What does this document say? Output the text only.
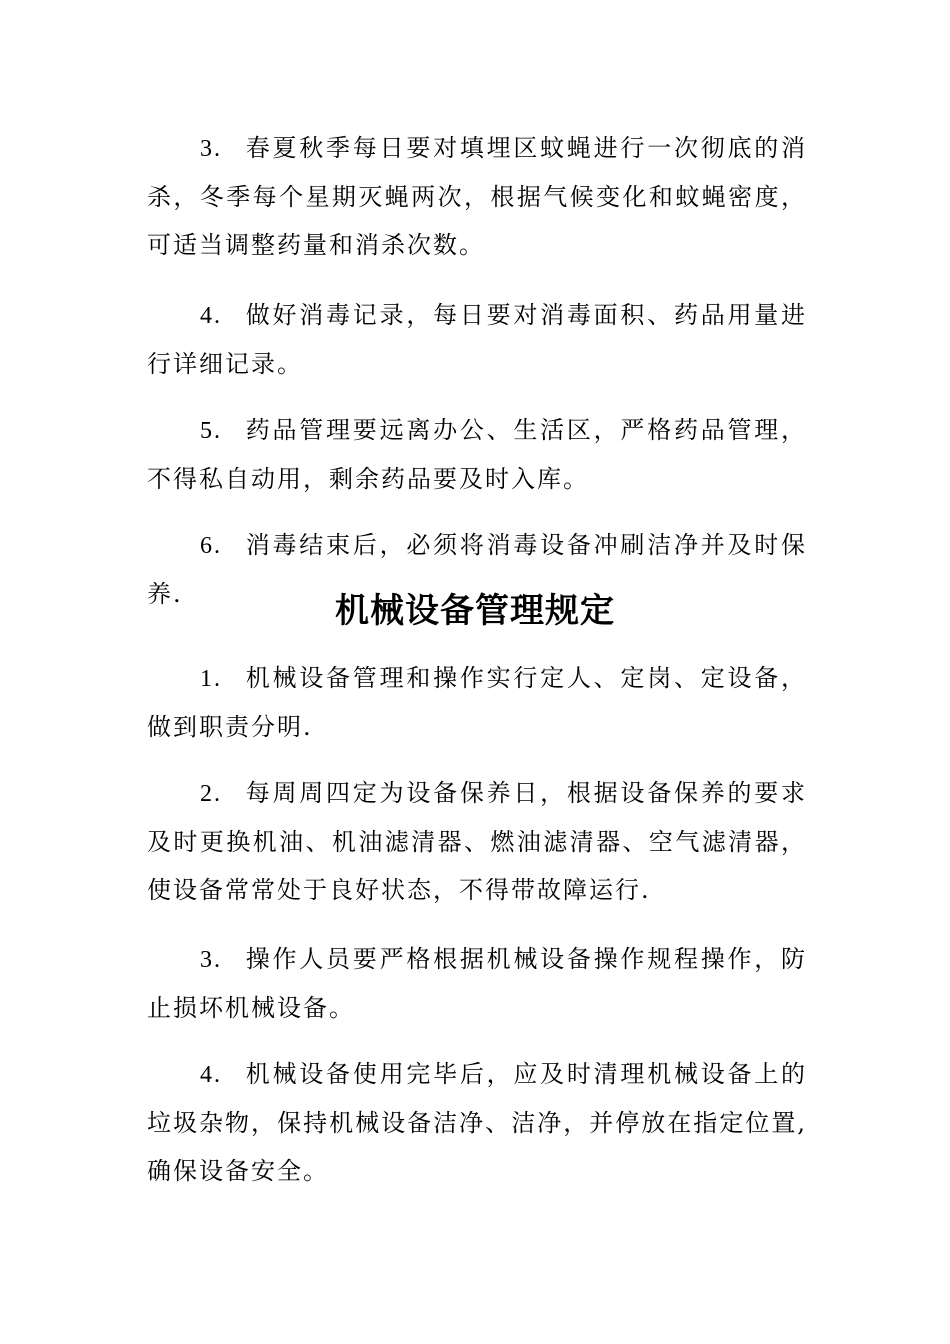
3. 春夏秋季每日要对填埋区蚊蝇进行一次彻底的消杀，冬季每个星期灭蝇两次，根据气候变化和蚊蝇密度，可适当调整药量和消杀次数。

4. 做好消毒记录，每日要对消毒面积、药品用量进行详细记录。

5. 药品管理要远离办公、生活区，严格药品管理，不得私自动用，剩余药品要及时入库。

6. 消毒结束后，必须将消毒设备冲刷洁净并及时保养.	机械设备管理规定

1. 机械设备管理和操作实行定人、定岗、定设备，做到职责分明.

2. 每周周四定为设备保养日，根据设备保养的要求及时更换机油、机油滤清器、燃油滤清器、空气滤清器，使设备常常处于良好状态，不得带故障运行.

3. 操作人员要严格根据机械设备操作规程操作，防止损坏机械设备。

4. 机械设备使用完毕后，应及时清理机械设备上的垃圾杂物，保持机械设备洁净、洁净，并停放在指定位置,确保设备安全。
